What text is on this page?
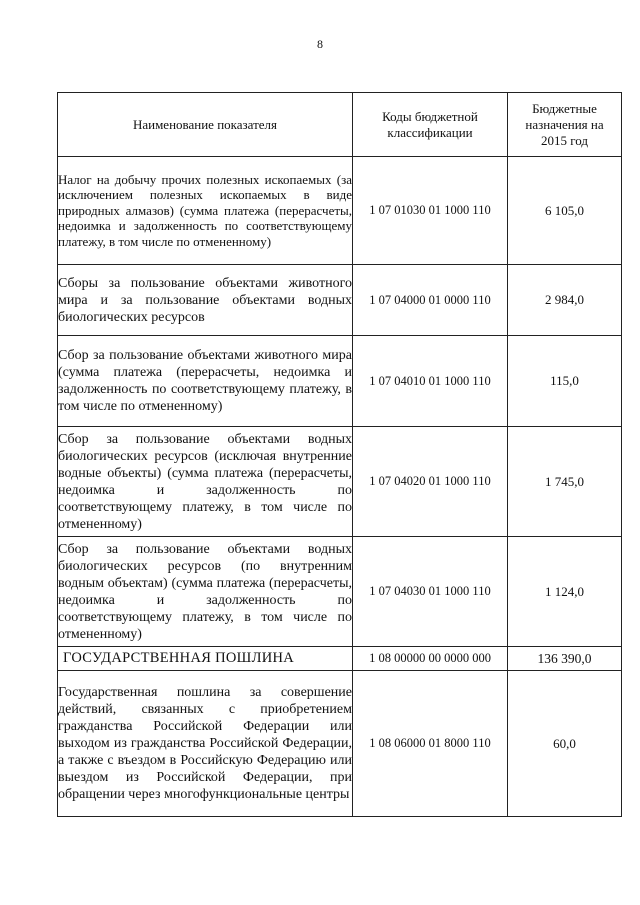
8
Наименование показателя	Коды бюджетной классификации	Бюджетные назначения на 2015 год
Налог на добычу прочих полезных ископаемых (за исключением полезных ископаемых в виде природных алмазов) (сумма платежа (перерасчеты, недоимка и задолженность по соответствующему платежу, в том числе по отмененному)	1 07 01030 01 1000 110	6 105,0
Сборы за пользование объектами животного мира и за пользование объектами водных биологических ресурсов	1 07 04000 01 0000 110	2 984,0
Сбор за пользование объектами животного мира (сумма платежа (перерасчеты, недоимка и задолженность по соответствующему платежу, в том числе по отмененному)	1 07 04010 01 1000 110	115,0
Сбор за пользование объектами водных биологических ресурсов (исключая внутренние водные объекты) (сумма платежа (перерасчеты, недоимка и задолженность по соответствующему платежу, в том числе по отмененному)	1 07 04020 01 1000 110	1 745,0
Сбор за пользование объектами водных биологических ресурсов (по внутренним водным объектам) (сумма платежа (перерасчеты, недоимка и задолженность по соответствующему платежу, в том числе по отмененному)	1 07 04030 01 1000 110	1 124,0
ГОСУДАРСТВЕННАЯ ПОШЛИНА	1 08 00000 00 0000 000	136 390,0
Государственная пошлина за совершение действий, связанных с приобретением гражданства Российской Федерации или выходом из гражданства Российской Федерации, а также с въездом в Российскую Федерацию или выездом из Российской Федерации, при обращении через многофункциональные центры	1 08 06000 01 8000 110	60,0
